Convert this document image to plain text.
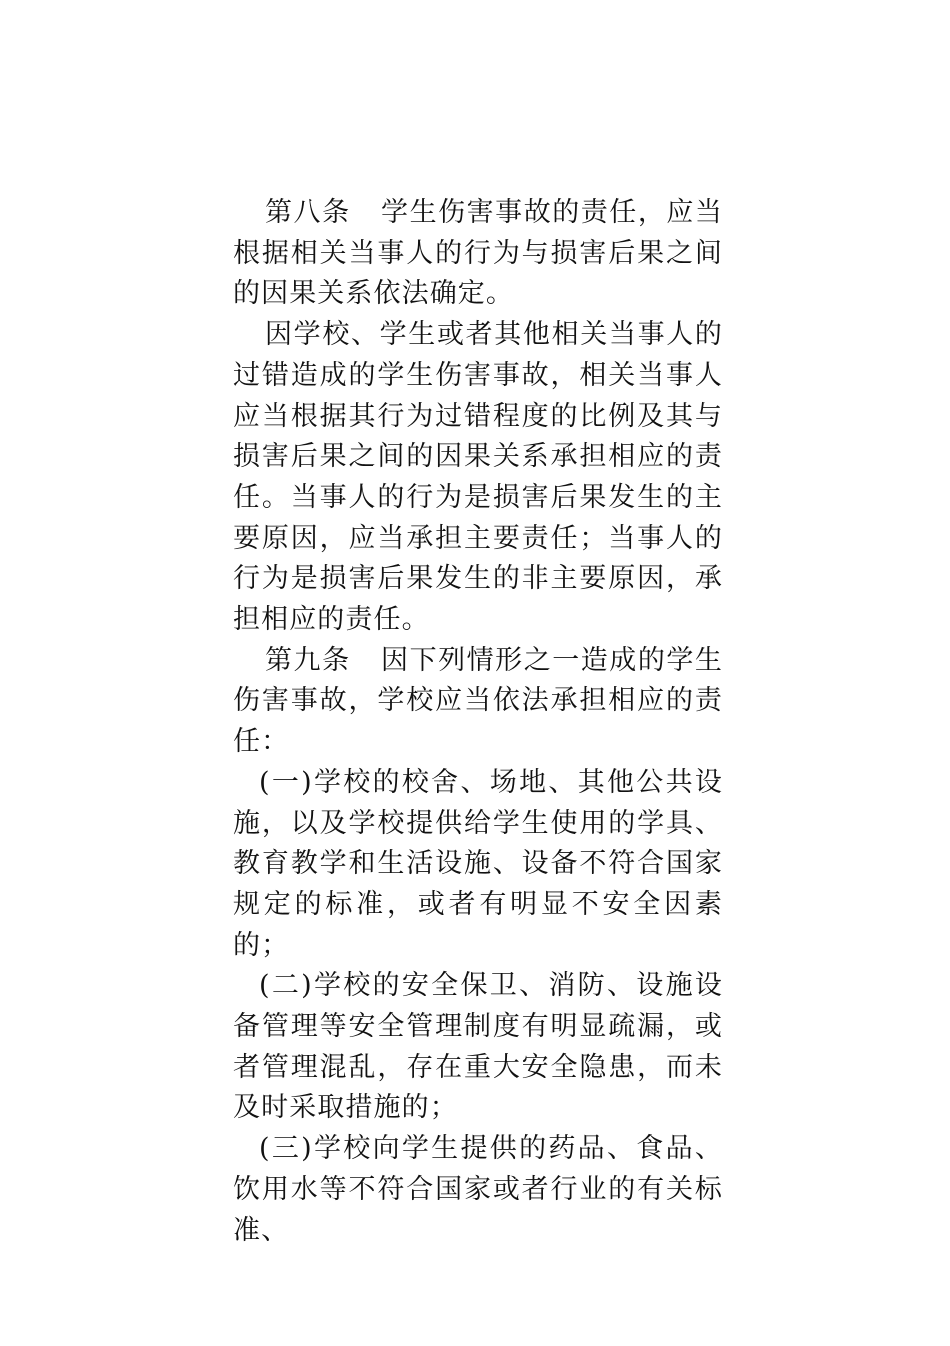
第八条 学生伤害事故的责任，应当根据相关当事人的行为与损害后果之间的因果关系依法确定。

因学校、学生或者其他相关当事人的过错造成的学生伤害事故，相关当事人应当根据其行为过错程度的比例及其与损害后果之间的因果关系承担相应的责任。当事人的行为是损害后果发生的主要原因，应当承担主要责任；当事人的行为是损害后果发生的非主要原因，承担相应的责任。

第九条 因下列情形之一造成的学生伤害事故，学校应当依法承担相应的责任：

(一)学校的校舍、场地、其他公共设施，以及学校提供给学生使用的学具、教育教学和生活设施、设备不符合国家规定的标准，或者有明显不安全因素的；

(二)学校的安全保卫、消防、设施设备管理等安全管理制度有明显疏漏，或者管理混乱，存在重大安全隐患，而未及时采取措施的；

(三)学校向学生提供的药品、食品、饮用水等不符合国家或者行业的有关标准、
